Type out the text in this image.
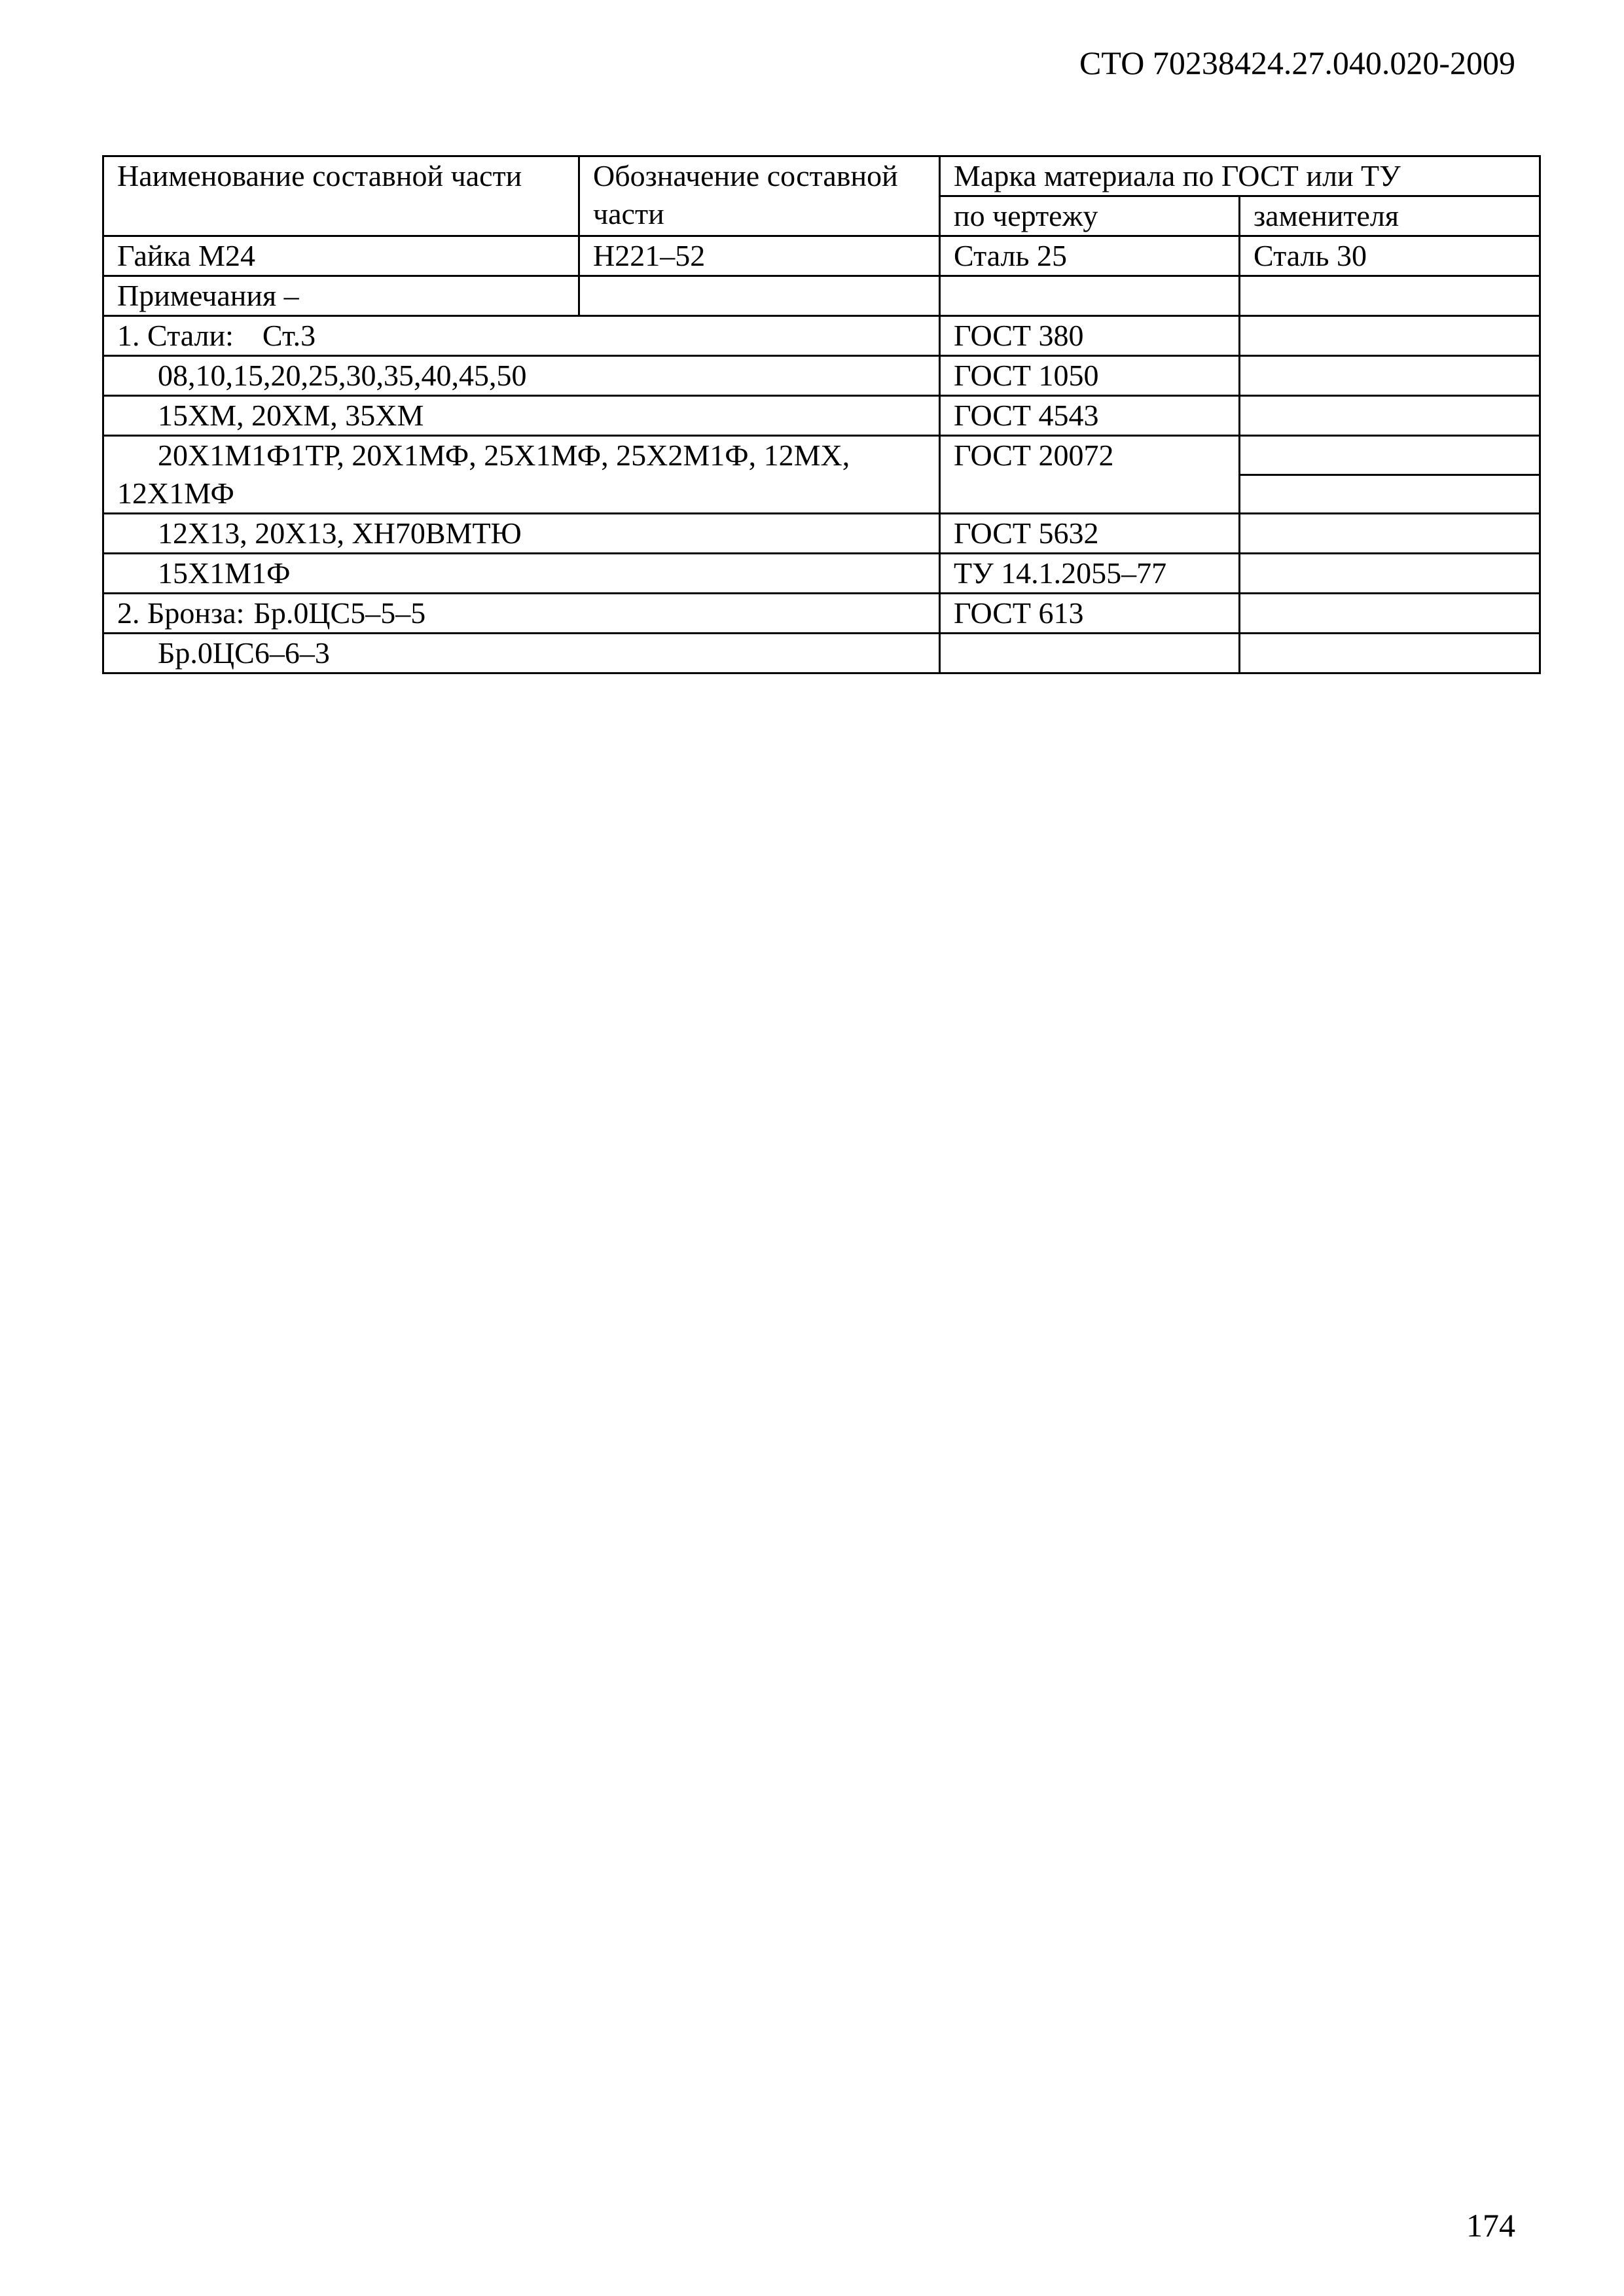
СТО 70238424.27.040.020-2009
Наименование составной части	Обозначение составной части	Марка материала по ГОСТ или ТУ	
		по чертежу	заменителя
Гайка М24	Н221–52	Сталь 25	Сталь 30
Примечания –			
1. Стали: Ст.3		ГОСТ 380	
08,10,15,20,25,30,35,40,45,50		ГОСТ 1050	
15ХМ, 20ХМ, 35ХМ		ГОСТ 4543	
20Х1М1Ф1ТР, 20Х1МФ, 25Х1МФ, 25Х2М1Ф, 12МХ, 12Х1МФ		ГОСТ 20072	

12Х13, 20Х13, ХН70ВМТЮ		ГОСТ 5632	
15Х1М1Ф		ТУ 14.1.2055–77	
2. Бронза: Бр.0ЦС5–5–5		ГОСТ 613	
Бр.0ЦС6–6–3			
174
